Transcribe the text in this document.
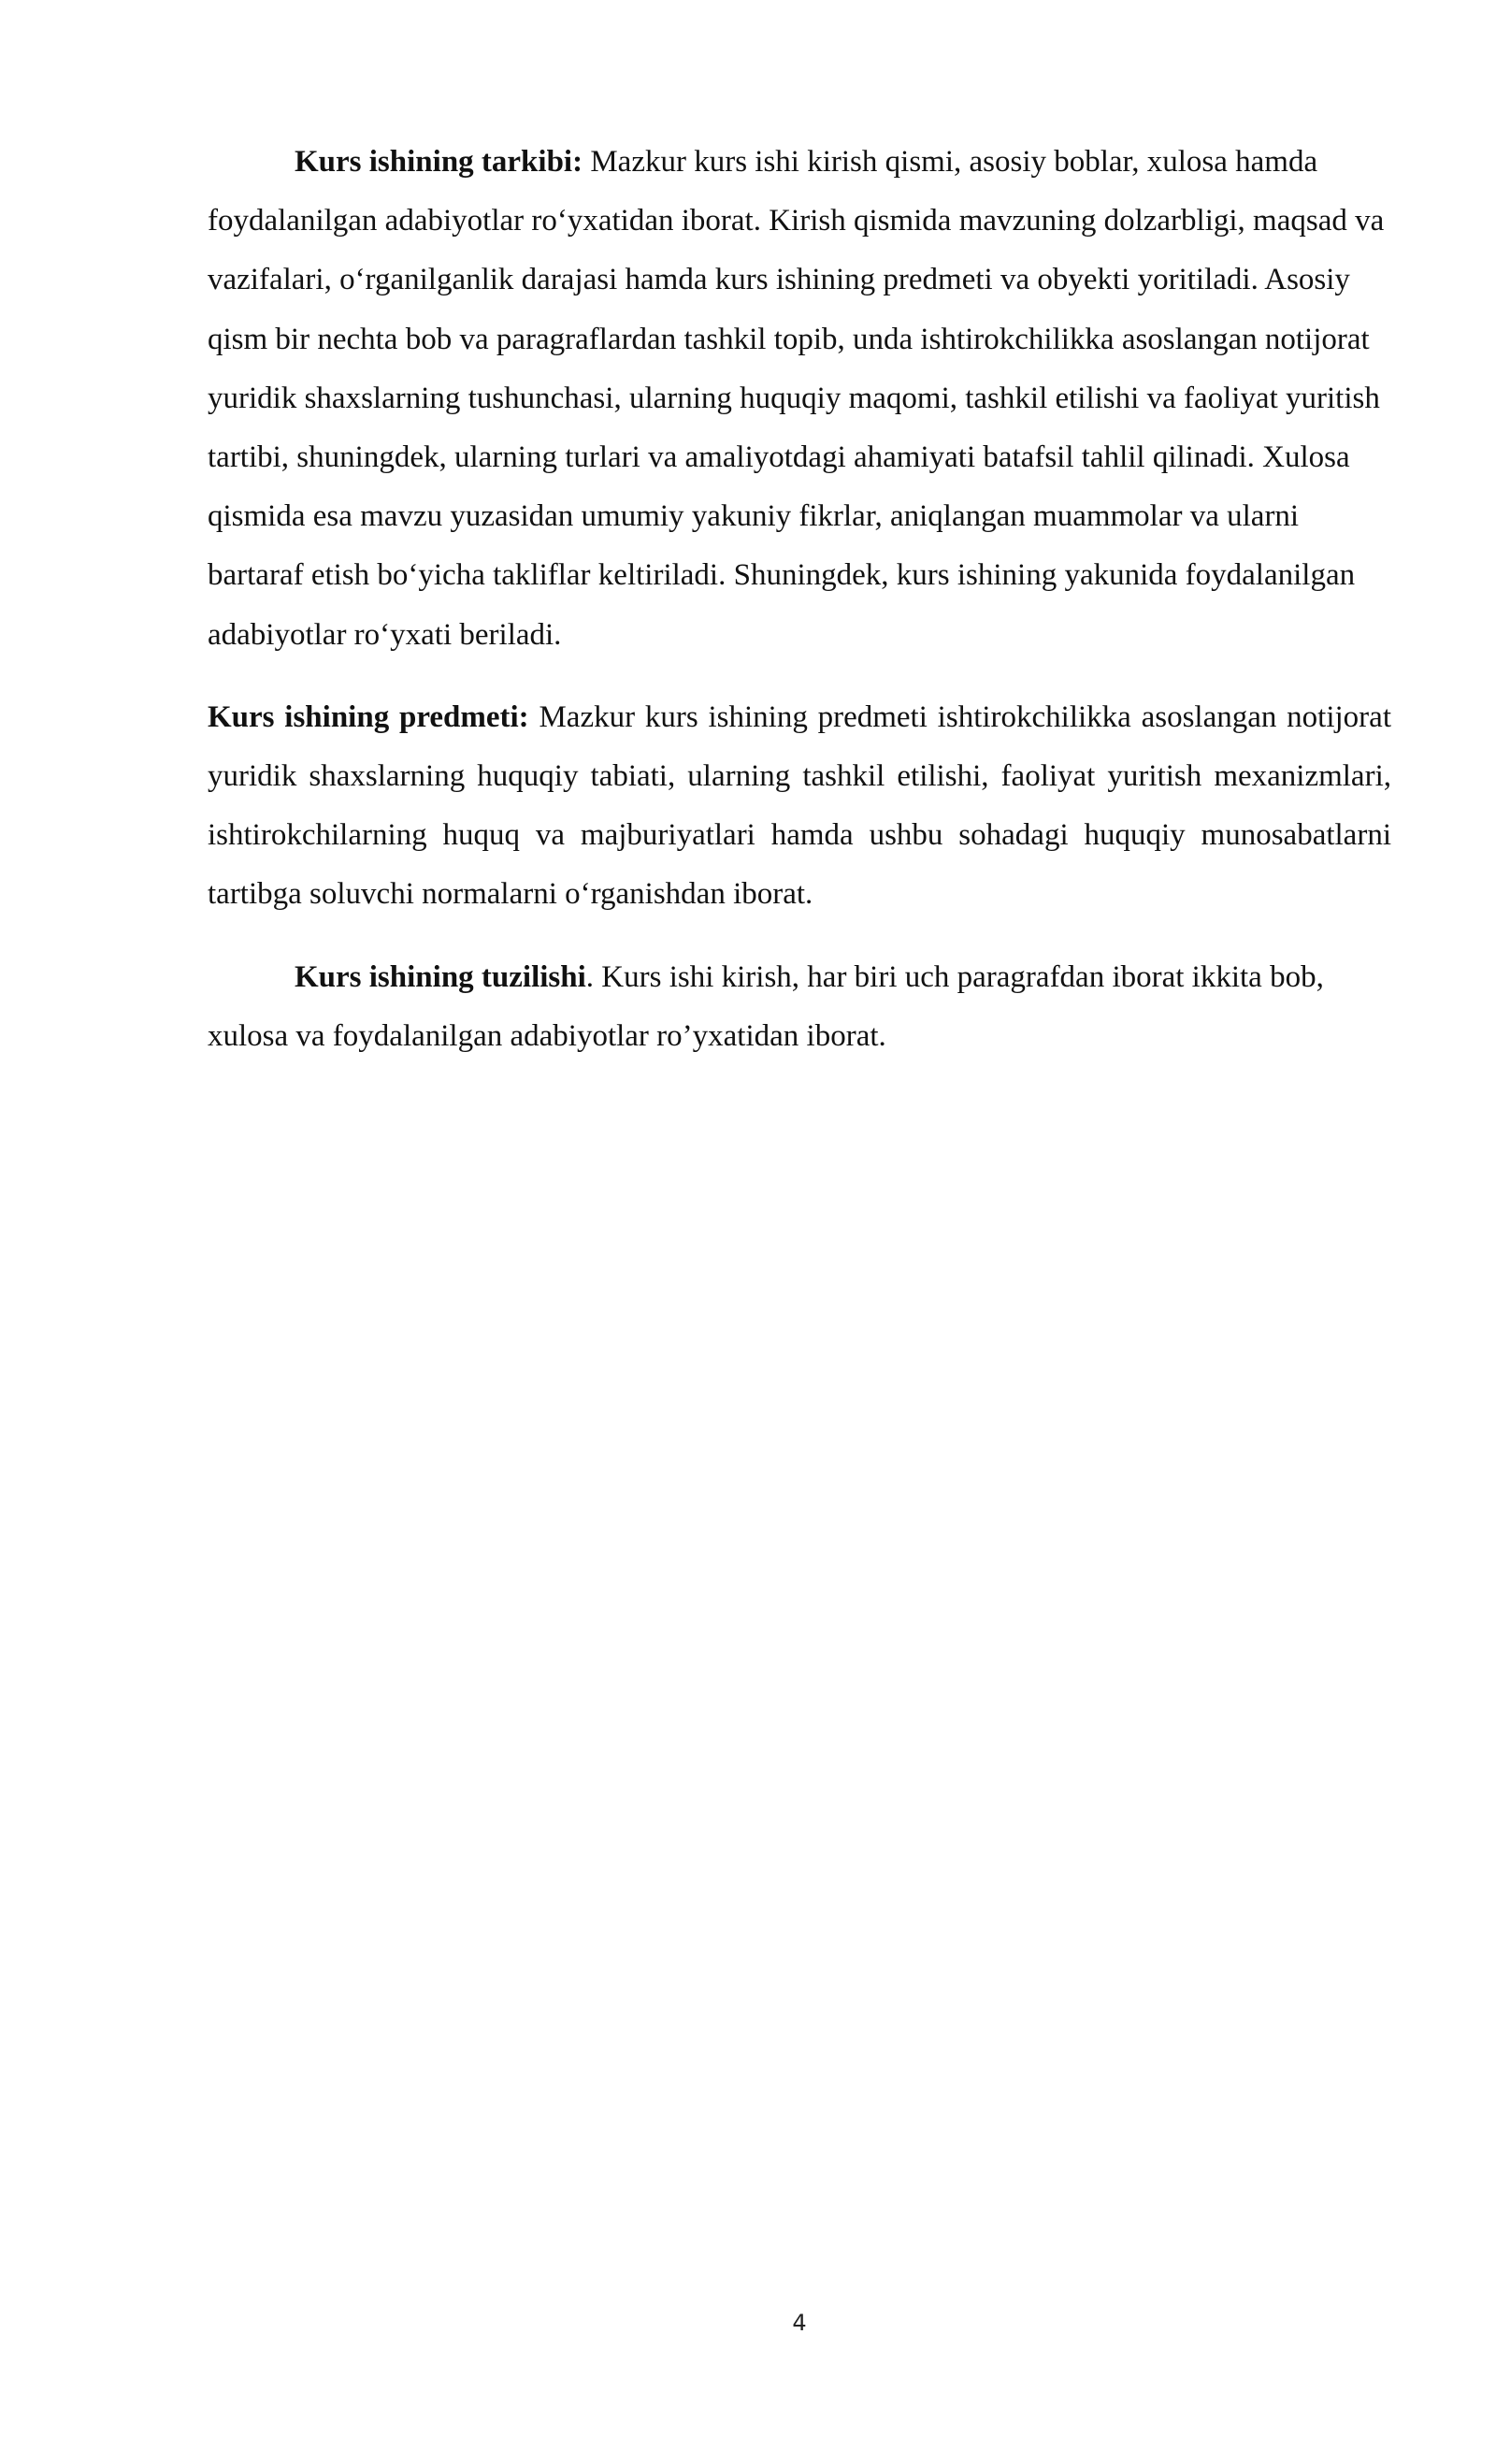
Kurs ishining tarkibi: Mazkur kurs ishi kirish qismi, asosiy boblar, xulosa hamda foydalanilgan adabiyotlar ro‘yxatidan iborat. Kirish qismida mavzuning dolzarbligi, maqsad va vazifalari, o‘rganilganlik darajasi hamda kurs ishining predmeti va obyekti yoritiladi. Asosiy qism bir nechta bob va paragraflardan tashkil topib, unda ishtirokchilikka asoslangan notijorat yuridik shaxslarning tushunchasi, ularning huquqiy maqomi, tashkil etilishi va faoliyat yuritish tartibi, shuningdek, ularning turlari va amaliyotdagi ahamiyati batafsil tahlil qilinadi. Xulosa qismida esa mavzu yuzasidan umumiy yakuniy fikrlar, aniqlangan muammolar va ularni bartaraf etish bo‘yicha takliflar keltiriladi. Shuningdek, kurs ishining yakunida foydalanilgan adabiyotlar ro‘yxati beriladi.

Kurs ishining predmeti: Mazkur kurs ishining predmeti ishtirokchilikka asoslangan notijorat yuridik shaxslarning huquqiy tabiati, ularning tashkil etilishi, faoliyat yuritish mexanizmlari, ishtirokchilarning huquq va majburiyatlari hamda ushbu sohadagi huquqiy munosabatlarni tartibga soluvchi normalarni o‘rganishdan iborat.

Kurs ishining tuzilishi. Kurs ishi kirish, har biri uch paragrafdan iborat ikkita bob, xulosa va foydalanilgan adabiyotlar ro’yxatidan iborat.

4
